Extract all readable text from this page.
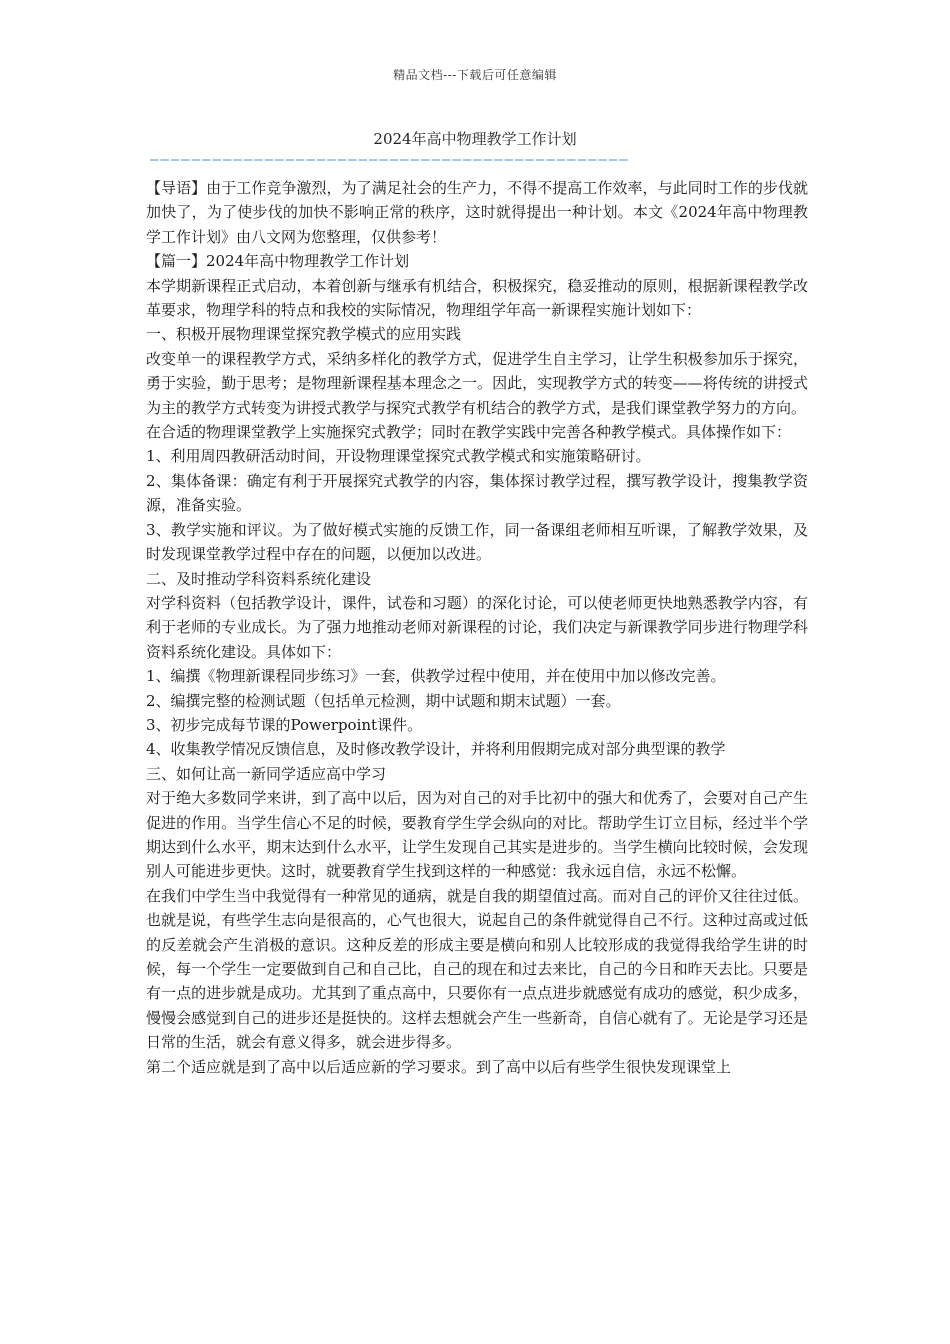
精品文档---下载后可任意编辑
2024年高中物理教学工作计划
——————————————————————————————————————————————

【导语】由于工作竞争激烈，为了满足社会的生产力，不得不提高工作效率，与此同时工作的步伐就加快了，为了使步伐的加快不影响正常的秩序，这时就得提出一种计划。本文《2024年高中物理教学工作计划》由八文网为您整理，仅供参考！

【篇一】2024年高中物理教学工作计划

本学期新课程正式启动，本着创新与继承有机结合，积极探究，稳妥推动的原则，根据新课程教学改革要求，物理学科的特点和我校的实际情况，物理组学年高一新课程实施计划如下：

一、积极开展物理课堂探究教学模式的应用实践

改变单一的课程教学方式，采纳多样化的教学方式，促进学生自主学习，让学生积极参加乐于探究，勇于实验，勤于思考；是物理新课程基本理念之一。因此，实现教学方式的转变——将传统的讲授式为主的教学方式转变为讲授式教学与探究式教学有机结合的教学方式，是我们课堂教学努力的方向。

在合适的物理课堂教学上实施探究式教学；同时在教学实践中完善各种教学模式。具体操作如下：

1、利用周四教研活动时间，开设物理课堂探究式教学模式和实施策略研讨。

2、集体备课：确定有利于开展探究式教学的内容，集体探讨教学过程，撰写教学设计，搜集教学资源，准备实验。

3、教学实施和评议。为了做好模式实施的反馈工作，同一备课组老师相互听课，了解教学效果，及时发现课堂教学过程中存在的问题，以便加以改进。

二、及时推动学科资料系统化建设

对学科资料（包括教学设计，课件，试卷和习题）的深化讨论，可以使老师更快地熟悉教学内容，有利于老师的专业成长。为了强力地推动老师对新课程的讨论，我们决定与新课教学同步进行物理学科资料系统化建设。具体如下：

1、编撰《物理新课程同步练习》一套，供教学过程中使用，并在使用中加以修改完善。

2、编撰完整的检测试题（包括单元检测，期中试题和期末试题）一套。

3、初步完成每节课的Powerpoint课件。

4、收集教学情况反馈信息，及时修改教学设计，并将利用假期完成对部分典型课的教学

三、如何让高一新同学适应高中学习

对于绝大多数同学来讲，到了高中以后，因为对自己的对手比初中的强大和优秀了，会要对自己产生促进的作用。当学生信心不足的时候，要教育学生学会纵向的对比。帮助学生订立目标，经过半个学期达到什么水平，期末达到什么水平，让学生发现自己其实是进步的。当学生横向比较时候，会发现别人可能进步更快。这时，就要教育学生找到这样的一种感觉：我永远自信，永远不松懈。

在我们中学生当中我觉得有一种常见的通病，就是自我的期望值过高。而对自己的评价又往往过低。也就是说，有些学生志向是很高的，心气也很大，说起自己的条件就觉得自己不行。这种过高或过低的反差就会产生消极的意识。这种反差的形成主要是横向和别人比较形成的我觉得我给学生讲的时候，每一个学生一定要做到自己和自己比，自己的现在和过去来比，自己的今日和昨天去比。只要是有一点的进步就是成功。尤其到了重点高中，只要你有一点点进步就感觉有成功的感觉，积少成多，慢慢会感觉到自己的进步还是挺快的。这样去想就会产生一些新奇，自信心就有了。无论是学习还是日常的生活，就会有意义得多，就会进步得多。

第二个适应就是到了高中以后适应新的学习要求。到了高中以后有些学生很快发现课堂上
